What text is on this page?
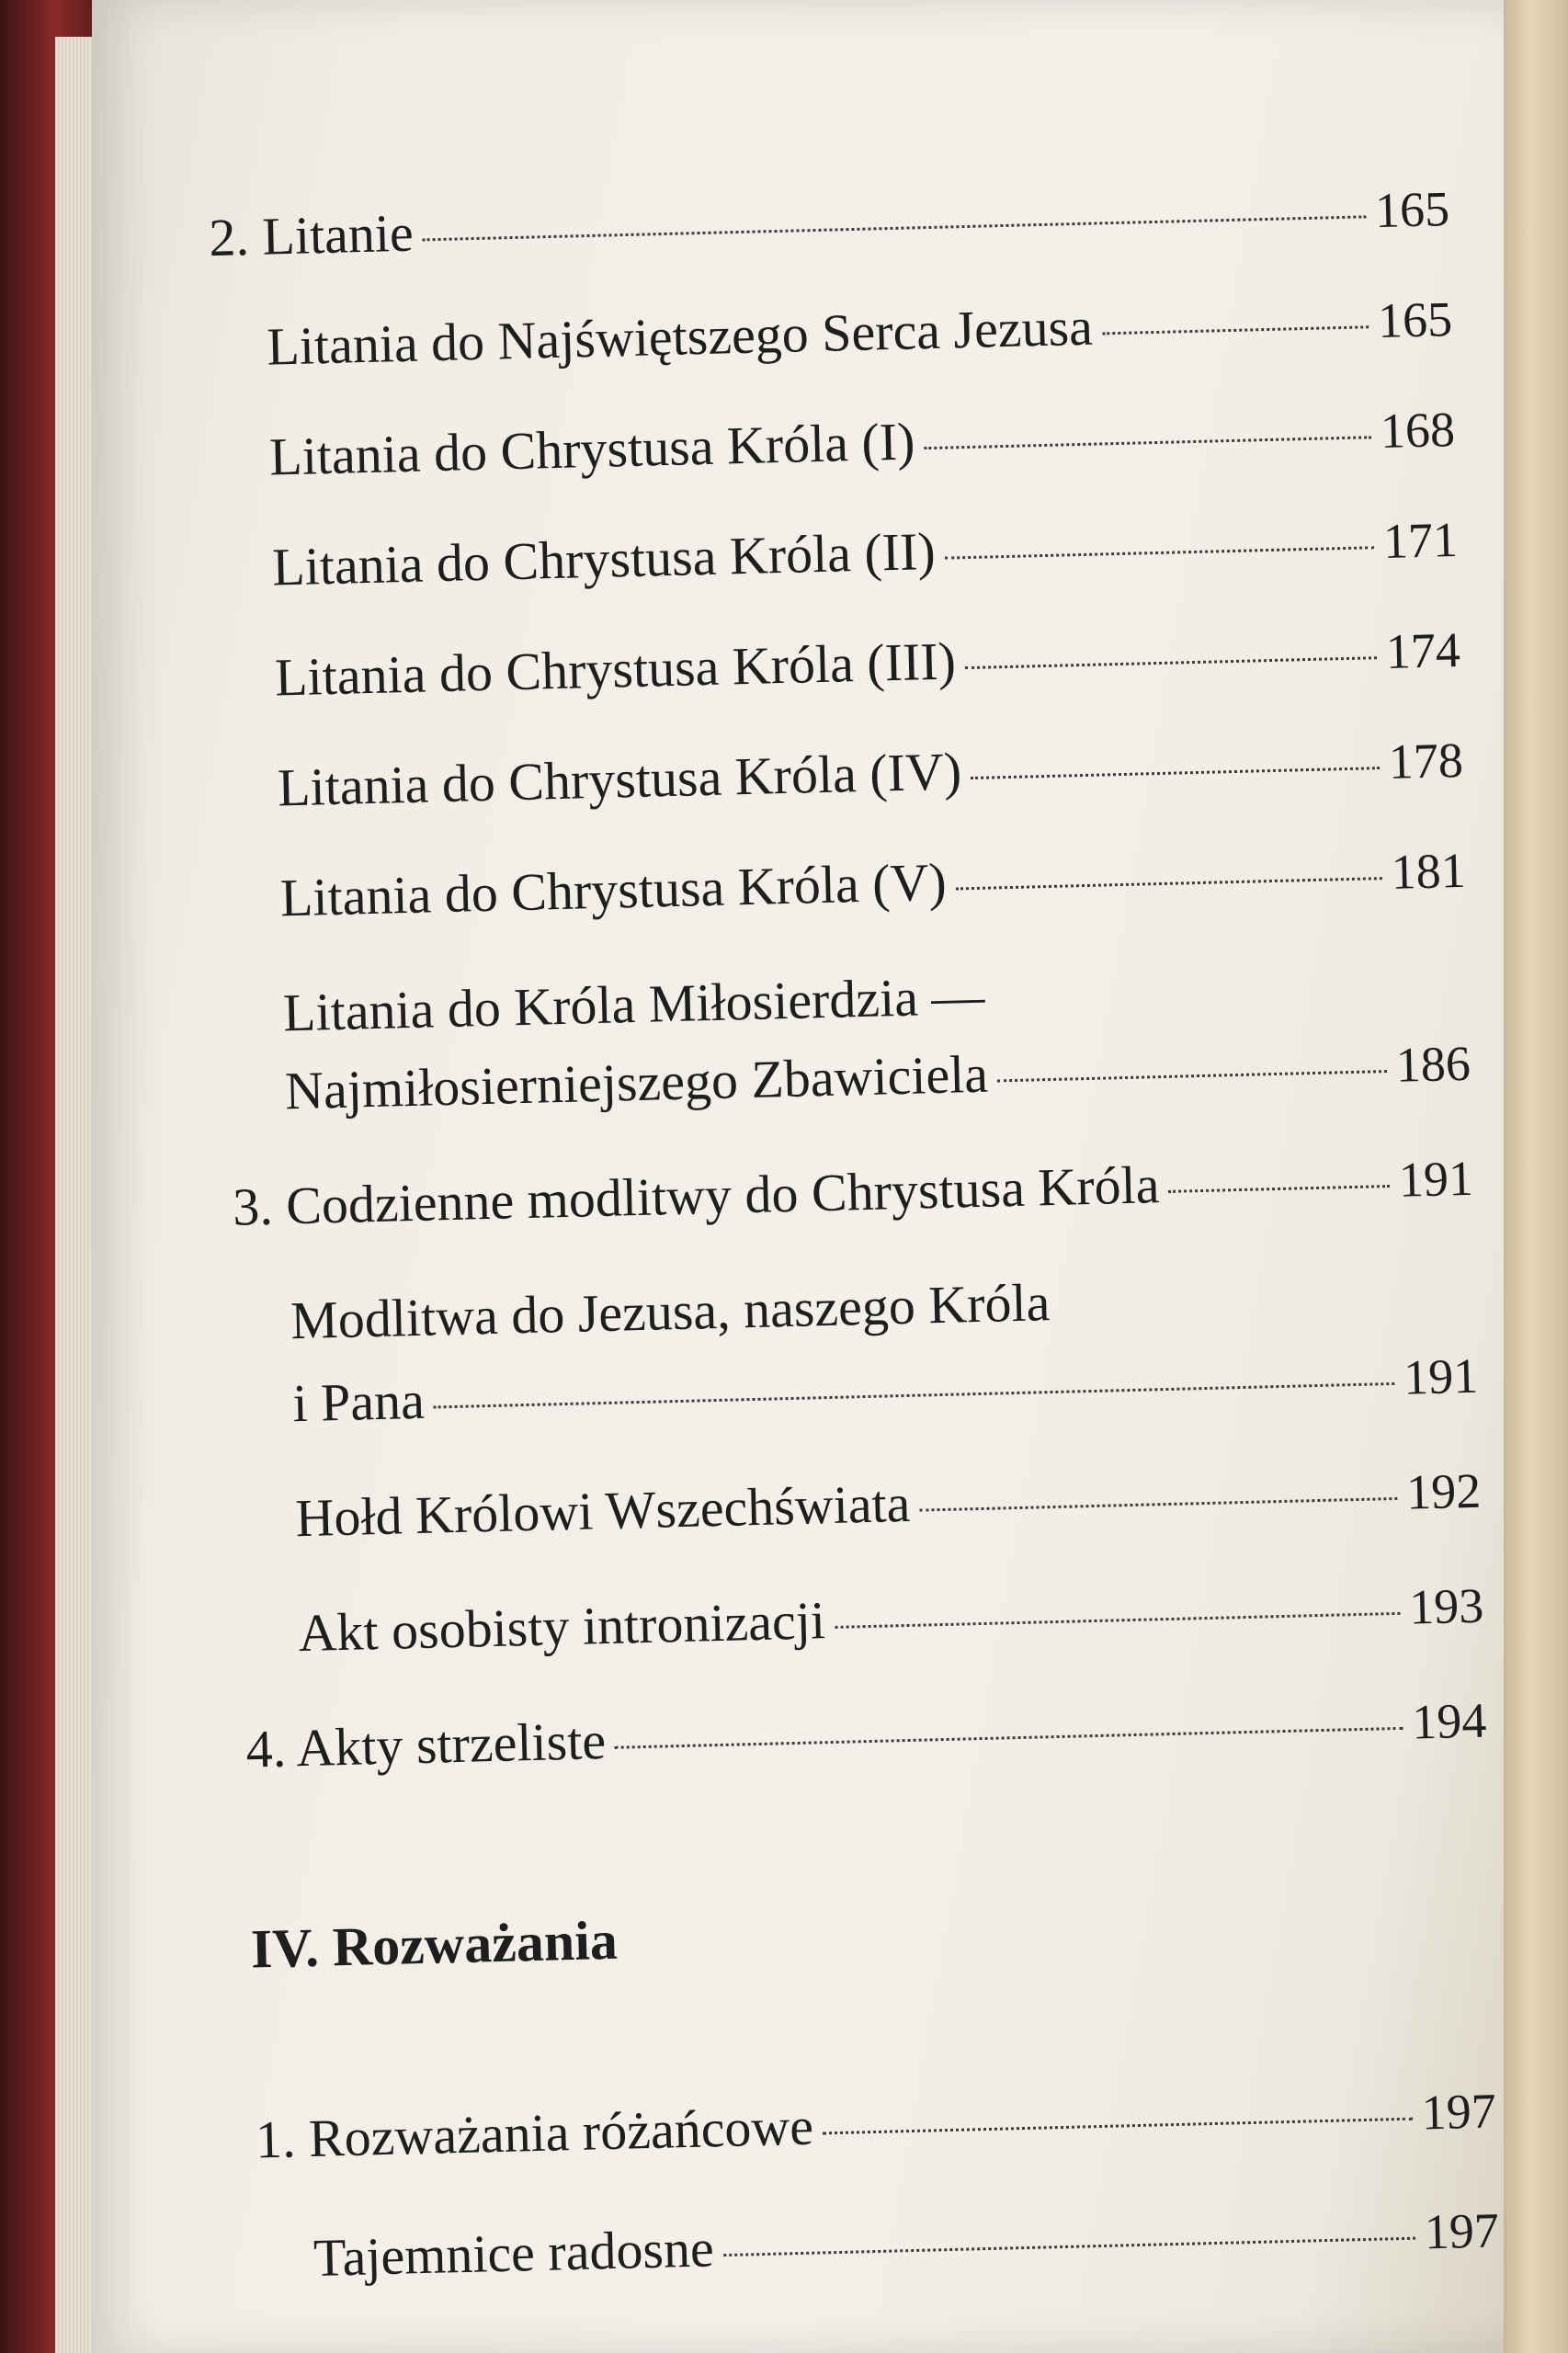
2. Litanie	165
Litania do Najświętszego Serca Jezusa	165
Litania do Chrystusa Króla (I)	168
Litania do Chrystusa Króla (II)	171
Litania do Chrystusa Króla (III)	174
Litania do Chrystusa Króla (IV)	178
Litania do Chrystusa Króla (V)	181
Litania do Króla Miłosierdzia —
Najmiłosierniejszego Zbawiciela	186
3. Codzienne modlitwy do Chrystusa Króla	191
Modlitwa do Jezusa, naszego Króla
i Pana	191
Hołd Królowi Wszechświata	192
Akt osobisty intronizacji	193
4. Akty strzeliste	194
IV. Rozważania
1. Rozważania różańcowe	197
Tajemnice radosne	197
